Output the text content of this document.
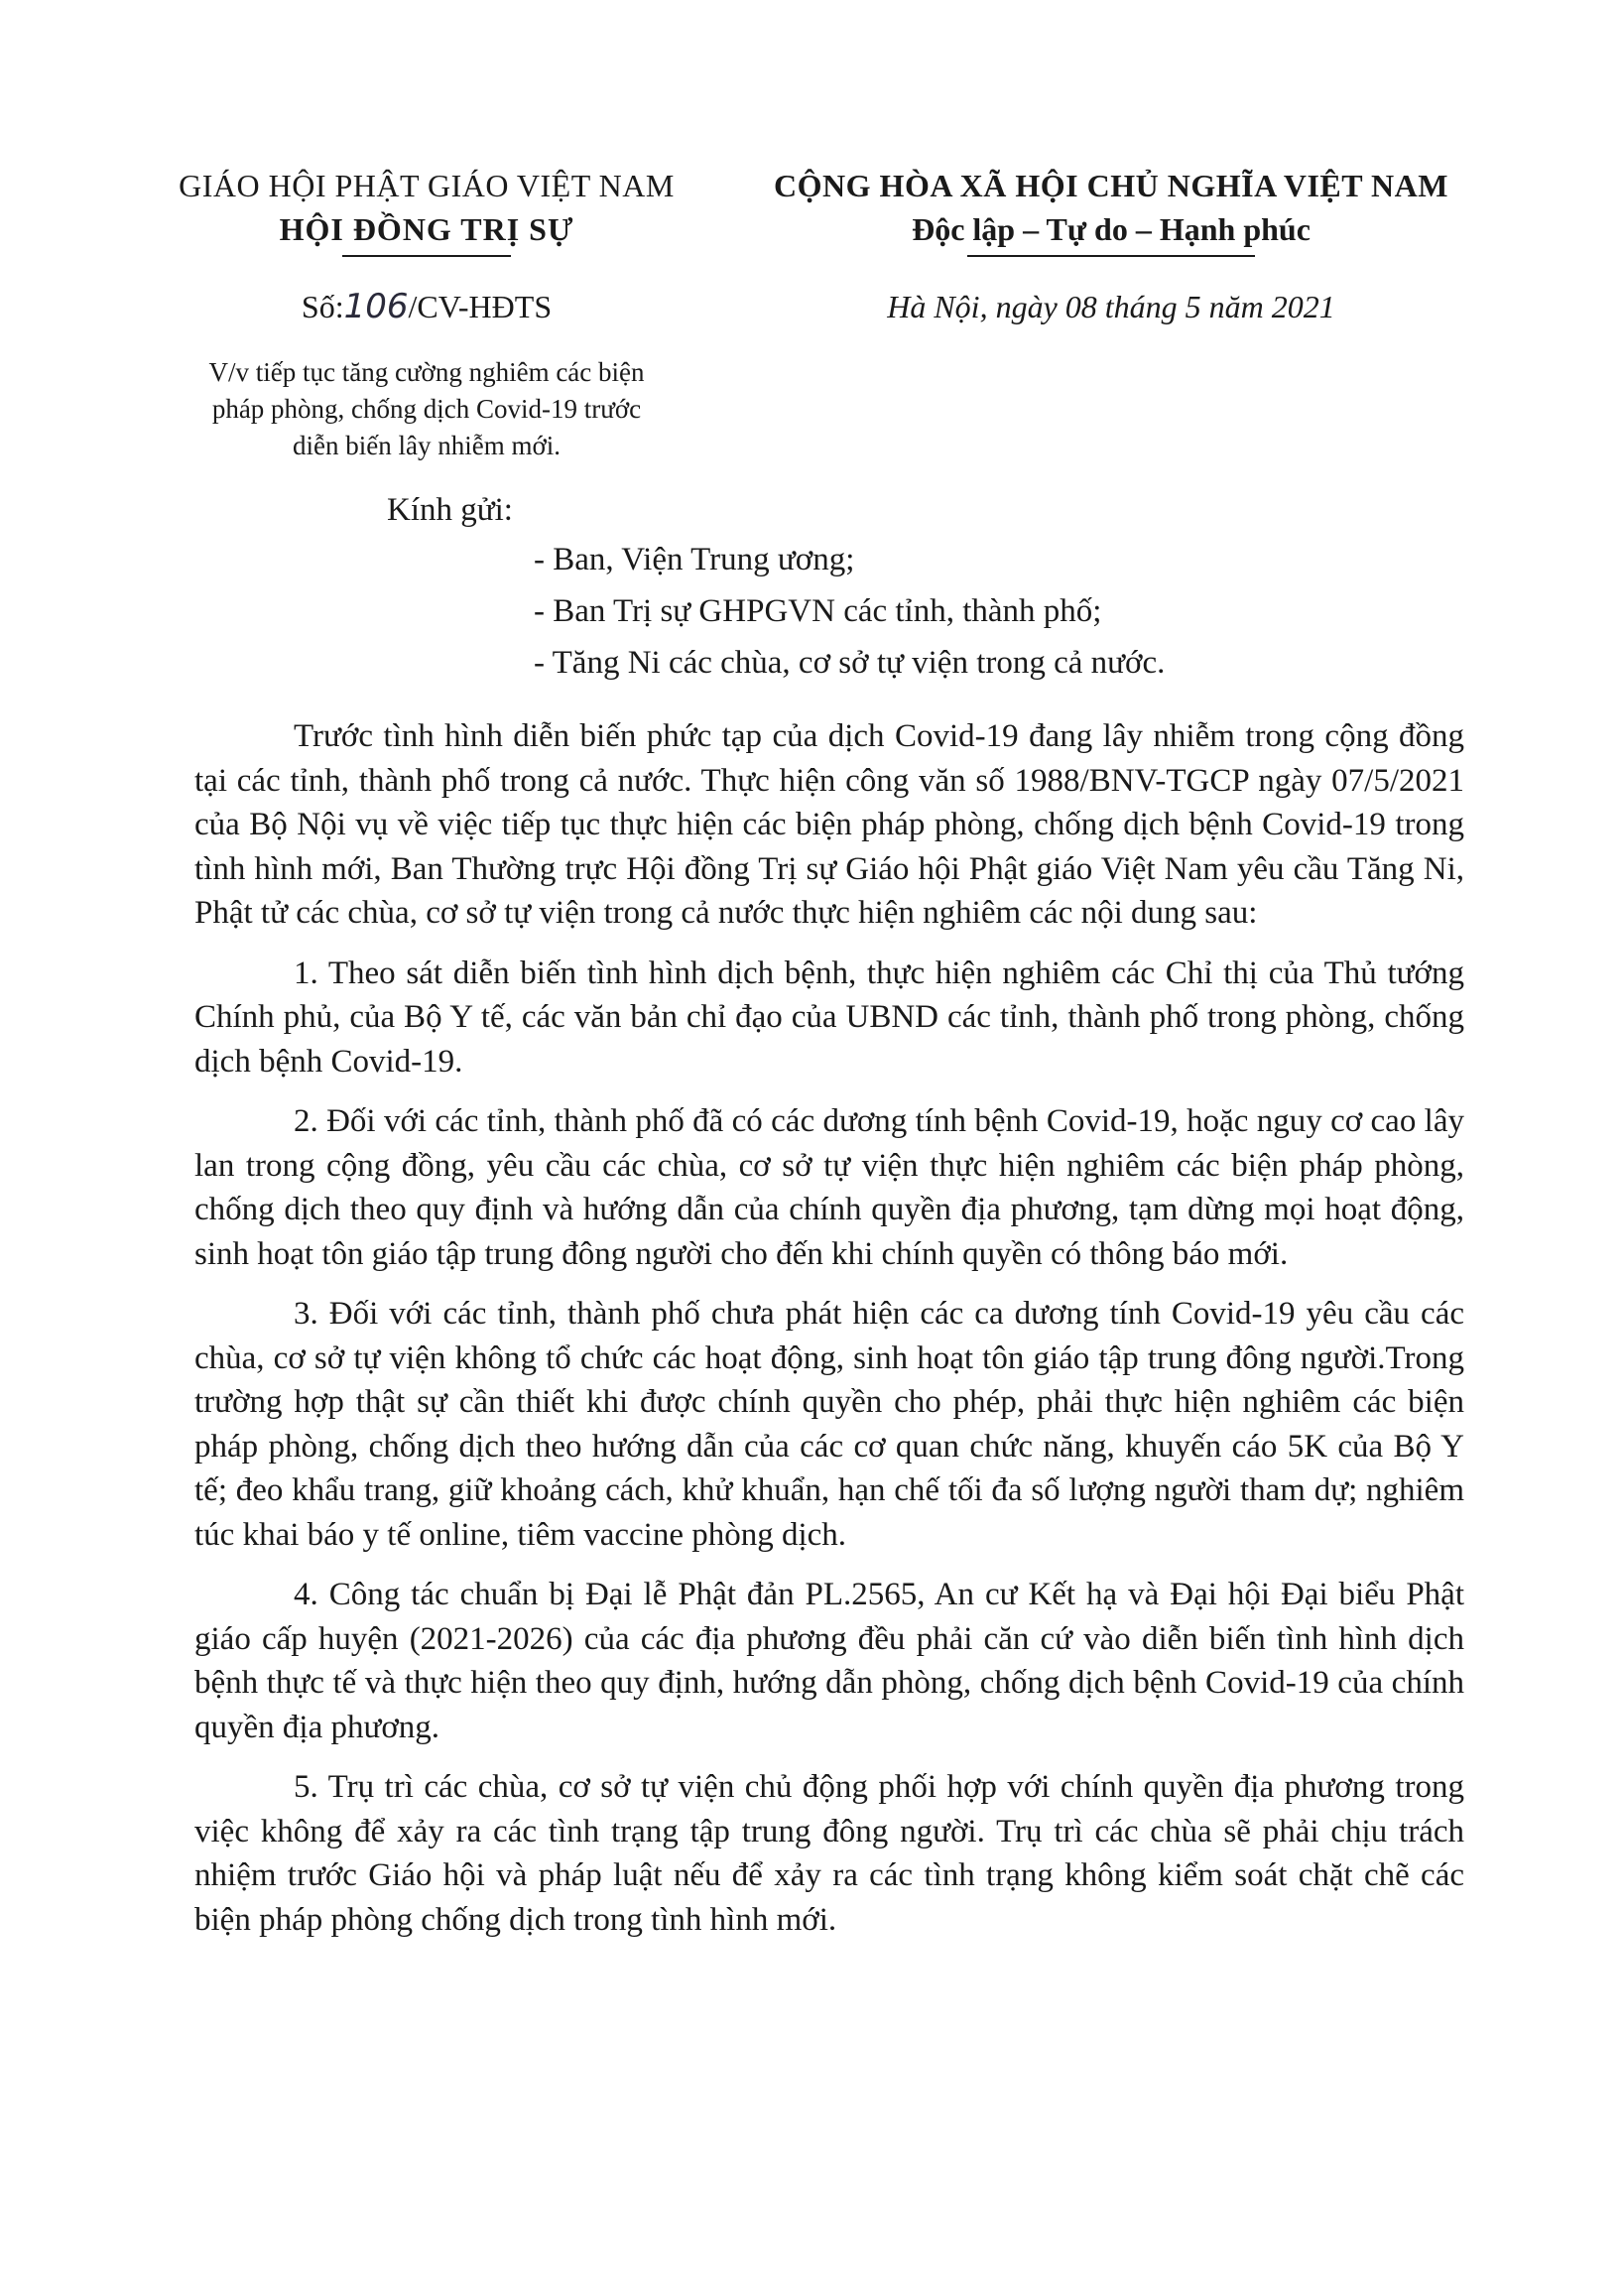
GIÁO HỘI PHẬT GIÁO VIỆT NAM
HỘI ĐỒNG TRỊ SỰ
Số:106/CV-HĐTS
V/v tiếp tục tăng cường nghiêm các biện
pháp phòng, chống dịch Covid-19 trước
diễn biến lây nhiễm mới.
CỘNG HÒA XÃ HỘI CHỦ NGHĨA VIỆT NAM
Độc lập – Tự do – Hạnh phúc
Hà Nội, ngày 08 tháng 5 năm 2021
Kính gửi:
- Ban, Viện Trung ương;
- Ban Trị sự GHPGVN các tỉnh, thành phố;
- Tăng Ni các chùa, cơ sở tự viện trong cả nước.

Trước tình hình diễn biến phức tạp của dịch Covid-19 đang lây nhiễm trong cộng đồng tại các tỉnh, thành phố trong cả nước. Thực hiện công văn số 1988/BNV-TGCP ngày 07/5/2021 của Bộ Nội vụ về việc tiếp tục thực hiện các biện pháp phòng, chống dịch bệnh Covid-19 trong tình hình mới, Ban Thường trực Hội đồng Trị sự Giáo hội Phật giáo Việt Nam yêu cầu Tăng Ni, Phật tử các chùa, cơ sở tự viện trong cả nước thực hiện nghiêm các nội dung sau:

1. Theo sát diễn biến tình hình dịch bệnh, thực hiện nghiêm các Chỉ thị của Thủ tướng Chính phủ, của Bộ Y tế, các văn bản chỉ đạo của UBND các tỉnh, thành phố trong phòng, chống dịch bệnh Covid-19.

2. Đối với các tỉnh, thành phố đã có các dương tính bệnh Covid-19, hoặc nguy cơ cao lây lan trong cộng đồng, yêu cầu các chùa, cơ sở tự viện thực hiện nghiêm các biện pháp phòng, chống dịch theo quy định và hướng dẫn của chính quyền địa phương, tạm dừng mọi hoạt động, sinh hoạt tôn giáo tập trung đông người cho đến khi chính quyền có thông báo mới.

3. Đối với các tỉnh, thành phố chưa phát hiện các ca dương tính Covid-19 yêu cầu các chùa, cơ sở tự viện không tổ chức các hoạt động, sinh hoạt tôn giáo tập trung đông người.Trong trường hợp thật sự cần thiết khi được chính quyền cho phép, phải thực hiện nghiêm các biện pháp phòng, chống dịch theo hướng dẫn của các cơ quan chức năng, khuyến cáo 5K của Bộ Y tế; đeo khẩu trang, giữ khoảng cách, khử khuẩn, hạn chế tối đa số lượng người tham dự; nghiêm túc khai báo y tế online, tiêm vaccine phòng dịch.

4. Công tác chuẩn bị Đại lễ Phật đản PL.2565, An cư Kết hạ và Đại hội Đại biểu Phật giáo cấp huyện (2021-2026) của các địa phương đều phải căn cứ vào diễn biến tình hình dịch bệnh thực tế và thực hiện theo quy định, hướng dẫn phòng, chống dịch bệnh Covid-19 của chính quyền địa phương.

5. Trụ trì các chùa, cơ sở tự viện chủ động phối hợp với chính quyền địa phương trong việc không để xảy ra các tình trạng tập trung đông người. Trụ trì các chùa sẽ phải chịu trách nhiệm trước Giáo hội và pháp luật nếu để xảy ra các tình trạng không kiểm soát chặt chẽ các biện pháp phòng chống dịch trong tình hình mới.
